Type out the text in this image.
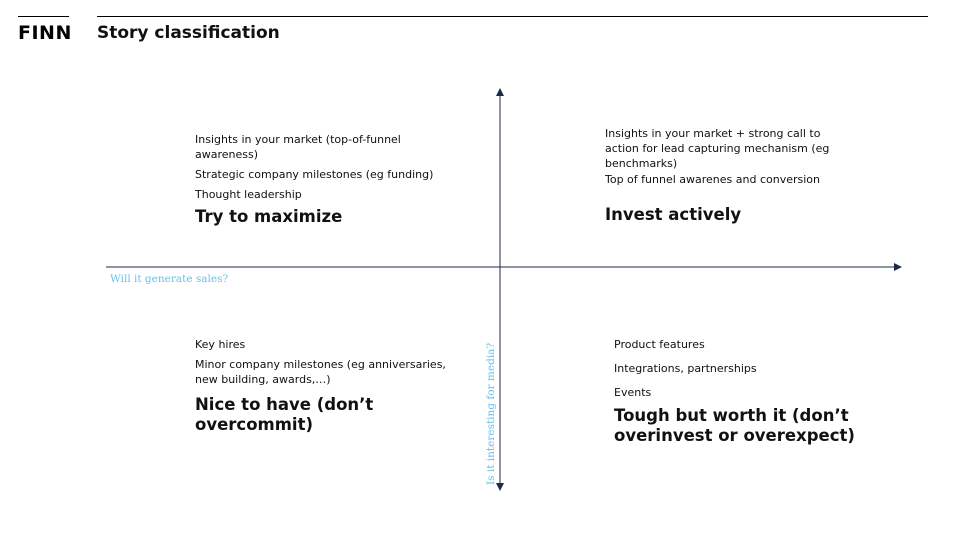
FINN Story classification
Will it generate sales?
Is it interesting for media?
Insights in your market (top-of-funnel awareness)
Strategic company milestones (eg funding)
Thought leadership
Try to maximize
Insights in your market + strong call to action for lead capturing mechanism (eg benchmarks)
Top of funnel awarenes and conversion
Invest actively
Key hires
Minor company milestones (eg anniversaries, new building, awards,…)
Nice to have (don’t overcommit)
Product features
Integrations, partnerships
Events
Tough but worth it (don’t overinvest or overexpect)
